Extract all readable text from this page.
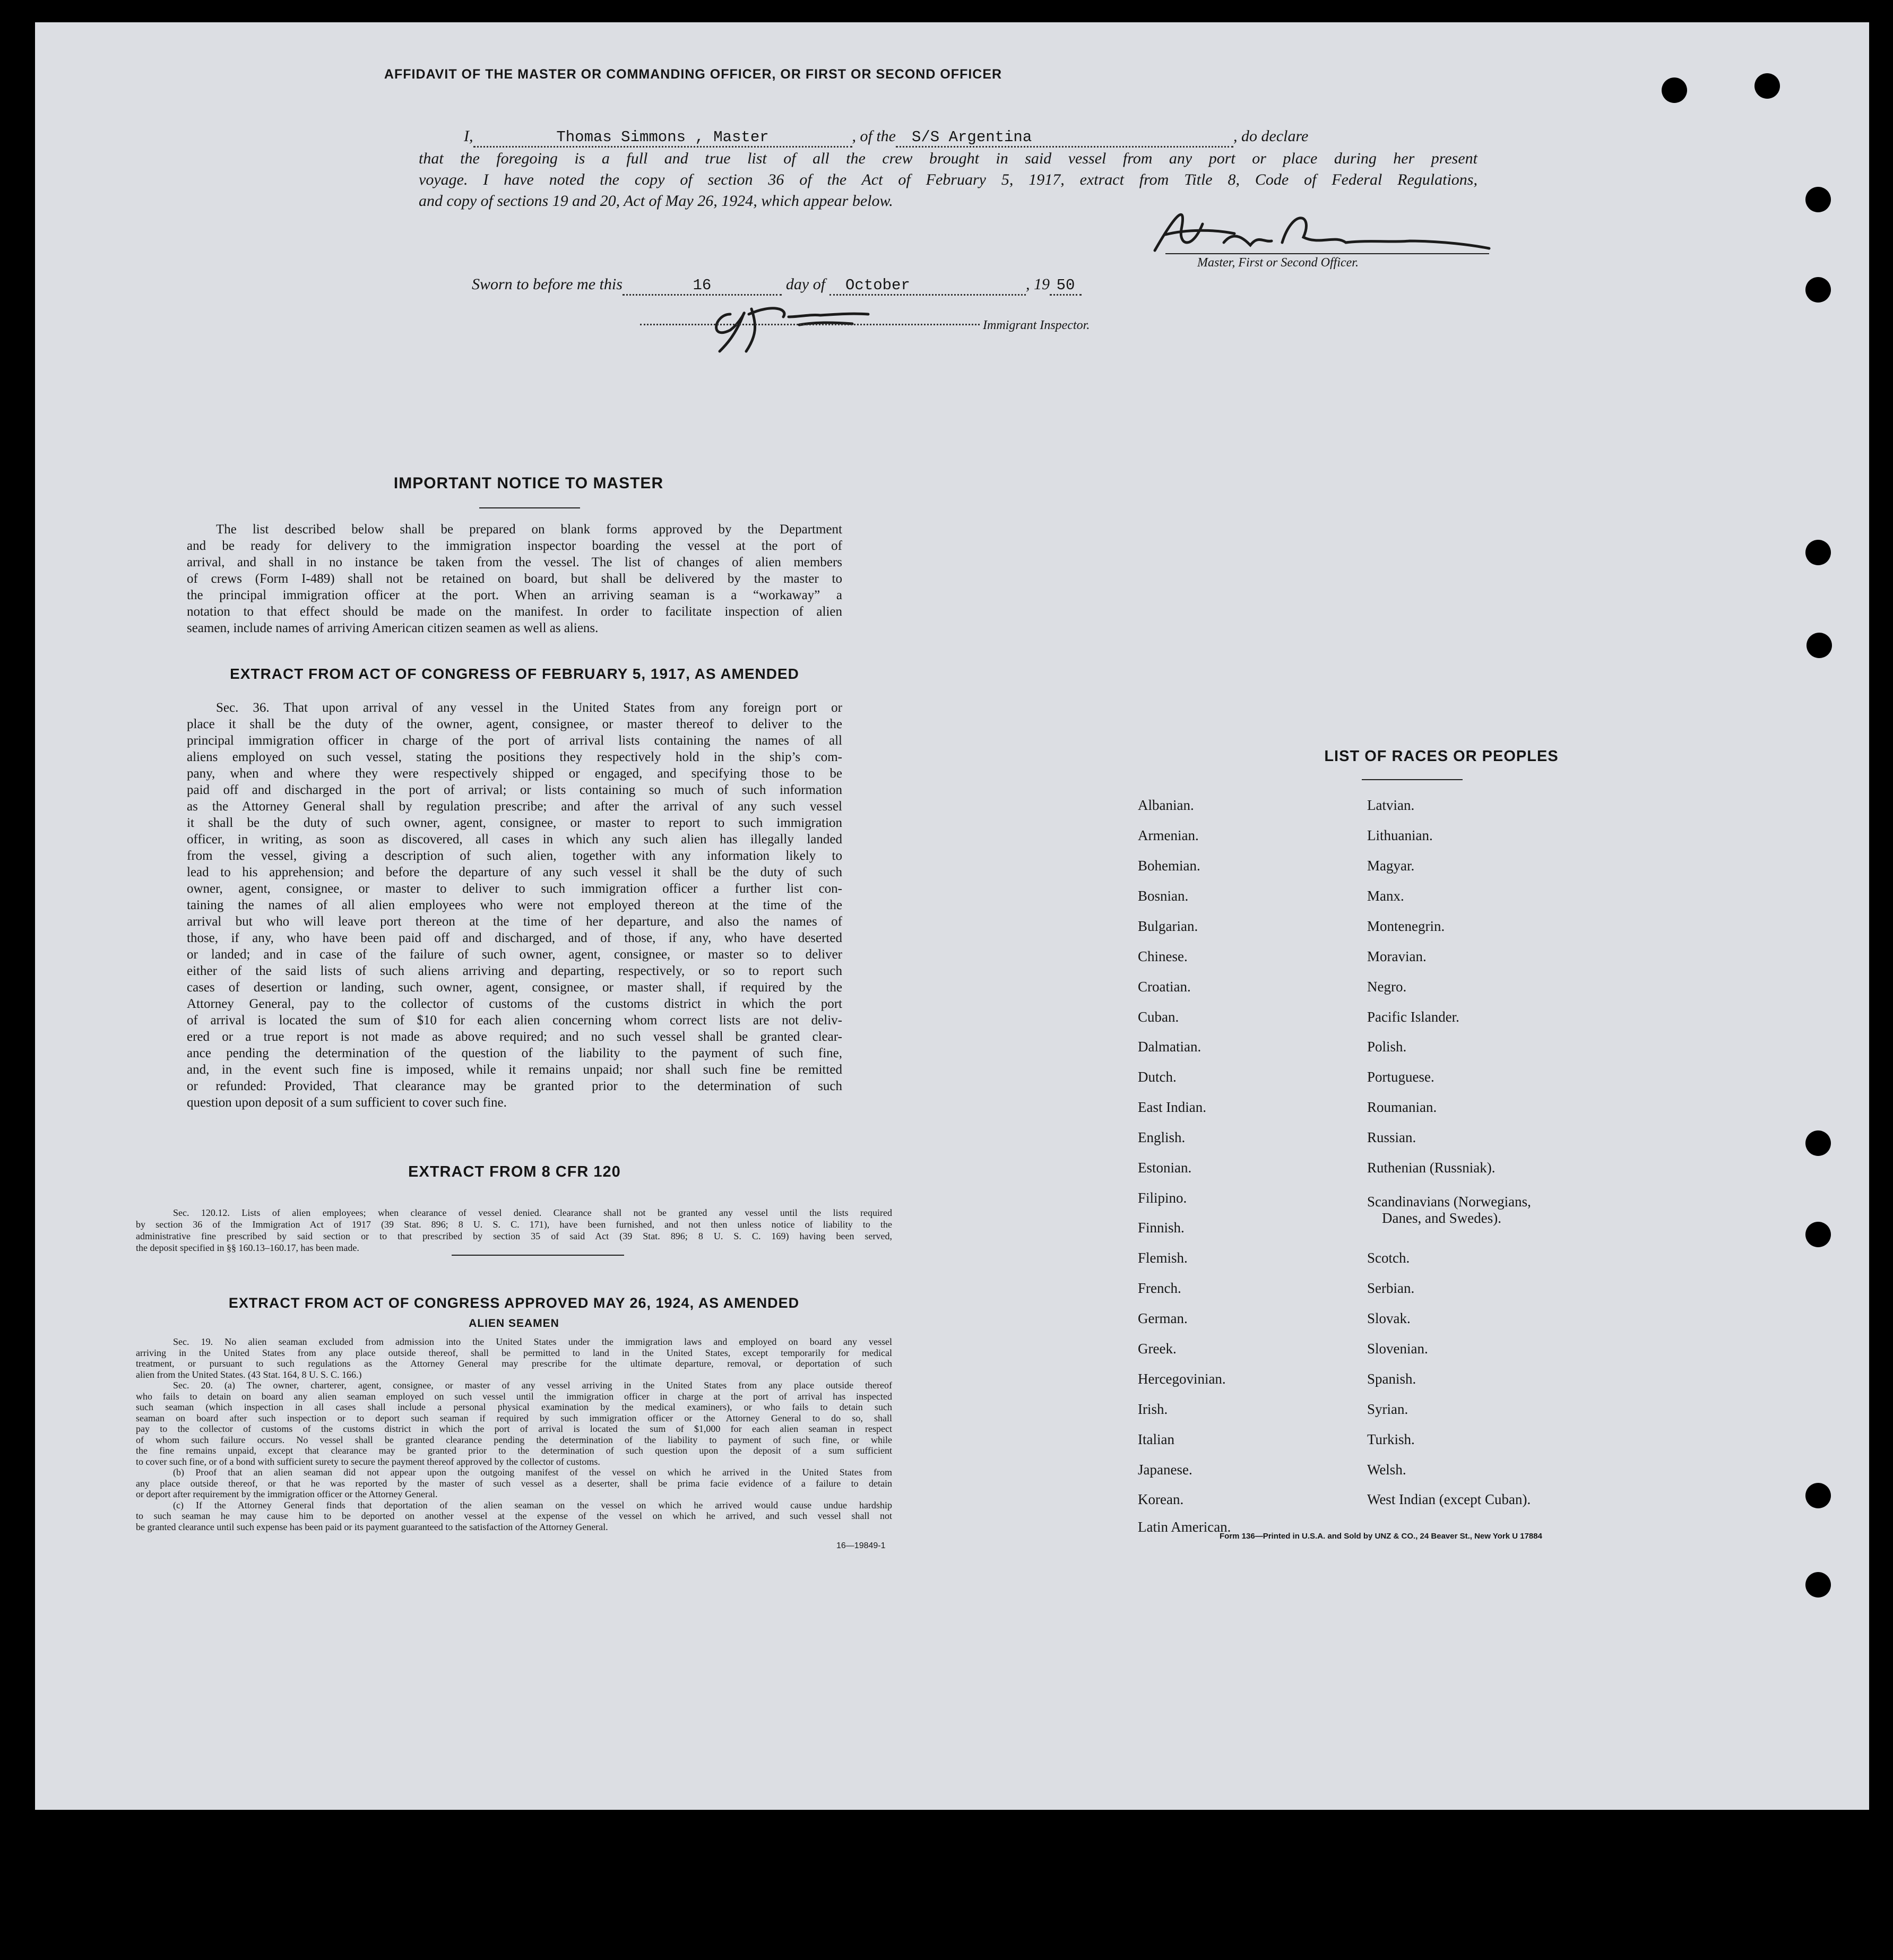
AFFIDAVIT OF THE MASTER OR COMMANDING OFFICER, OR FIRST OR SECOND OFFICER
I,	Thomas Simmons , Master	, of the	S/S Argentina	, do declare
that the foregoing is a full and true list of all the crew brought in said vessel from any port or place during her present
voyage. I have noted the copy of section 36 of the Act of February 5, 1917, extract from Title 8, Code of Federal Regulations,
and copy of sections 19 and 20, Act of May 26, 1924, which appear below.
Master, First or Second Officer.
Sworn to before me this	16	day of	October	, 19 50
Immigrant Inspector.
IMPORTANT NOTICE TO MASTER
The list described below shall be prepared on blank forms approved by the Department
and be ready for delivery to the immigration inspector boarding the vessel at the port of
arrival, and shall in no instance be taken from the vessel. The list of changes of alien members
of crews (Form I-489) shall not be retained on board, but shall be delivered by the master to
the principal immigration officer at the port. When an arriving seaman is a “workaway” a
notation to that effect should be made on the manifest. In order to facilitate inspection of alien
seamen, include names of arriving American citizen seamen as well as aliens.
EXTRACT FROM ACT OF CONGRESS OF FEBRUARY 5, 1917, AS AMENDED
Sec. 36. That upon arrival of any vessel in the United States from any foreign port or
place it shall be the duty of the owner, agent, consignee, or master thereof to deliver to the
principal immigration officer in charge of the port of arrival lists containing the names of all
aliens employed on such vessel, stating the positions they respectively hold in the ship’s com-
pany, when and where they were respectively shipped or engaged, and specifying those to be
paid off and discharged in the port of arrival; or lists containing so much of such information
as the Attorney General shall by regulation prescribe; and after the arrival of any such vessel
it shall be the duty of such owner, agent, consignee, or master to report to such immigration
officer, in writing, as soon as discovered, all cases in which any such alien has illegally landed
from the vessel, giving a description of such alien, together with any information likely to
lead to his apprehension; and before the departure of any such vessel it shall be the duty of such
owner, agent, consignee, or master to deliver to such immigration officer a further list con-
taining the names of all alien employees who were not employed thereon at the time of the
arrival but who will leave port thereon at the time of her departure, and also the names of
those, if any, who have been paid off and discharged, and of those, if any, who have deserted
or landed; and in case of the failure of such owner, agent, consignee, or master so to deliver
either of the said lists of such aliens arriving and departing, respectively, or so to report such
cases of desertion or landing, such owner, agent, consignee, or master shall, if required by the
Attorney General, pay to the collector of customs of the customs district in which the port
of arrival is located the sum of $10 for each alien concerning whom correct lists are not deliv-
ered or a true report is not made as above required; and no such vessel shall be granted clear-
ance pending the determination of the question of the liability to the payment of such fine,
and, in the event such fine is imposed, while it remains unpaid; nor shall such fine be remitted
or refunded: Provided, That clearance may be granted prior to the determination of such
question upon deposit of a sum sufficient to cover such fine.
EXTRACT FROM 8 CFR 120
Sec. 120.12. Lists of alien employees; when clearance of vessel denied. Clearance shall not be granted any vessel until the lists required
by section 36 of the Immigration Act of 1917 (39 Stat. 896; 8 U. S. C. 171), have been furnished, and not then unless notice of liability to the
administrative fine prescribed by said section or to that prescribed by section 35 of said Act (39 Stat. 896; 8 U. S. C. 169) having been served,
the deposit specified in §§ 160.13–160.17, has been made.
EXTRACT FROM ACT OF CONGRESS APPROVED MAY 26, 1924, AS AMENDED
ALIEN SEAMEN
Sec. 19. No alien seaman excluded from admission into the United States under the immigration laws and employed on board any vessel
arriving in the United States from any place outside thereof, shall be permitted to land in the United States, except temporarily for medical
treatment, or pursuant to such regulations as the Attorney General may prescribe for the ultimate departure, removal, or deportation of such
alien from the United States. (43 Stat. 164, 8 U. S. C. 166.)
Sec. 20. (a) The owner, charterer, agent, consignee, or master of any vessel arriving in the United States from any place outside thereof
who fails to detain on board any alien seaman employed on such vessel until the immigration officer in charge at the port of arrival has inspected
such seaman (which inspection in all cases shall include a personal physical examination by the medical examiners), or who fails to detain such
seaman on board after such inspection or to deport such seaman if required by such immigration officer or the Attorney General to do so, shall
pay to the collector of customs of the customs district in which the port of arrival is located the sum of $1,000 for each alien seaman in respect
of whom such failure occurs. No vessel shall be granted clearance pending the determination of the liability to payment of such fine, or while
the fine remains unpaid, except that clearance may be granted prior to the determination of such question upon the deposit of a sum sufficient
to cover such fine, or of a bond with sufficient surety to secure the payment thereof approved by the collector of customs.
(b) Proof that an alien seaman did not appear upon the outgoing manifest of the vessel on which he arrived in the United States from
any place outside thereof, or that he was reported by the master of such vessel as a deserter, shall be prima facie evidence of a failure to detain
or deport after requirement by the immigration officer or the Attorney General.
(c) If the Attorney General finds that deportation of the alien seaman on the vessel on which he arrived would cause undue hardship
to such seaman he may cause him to be deported on another vessel at the expense of the vessel on which he arrived, and such vessel shall not
be granted clearance until such expense has been paid or its payment guaranteed to the satisfaction of the Attorney General.
16—19849-1
LIST OF RACES OR PEOPLES
Albanian.
Armenian.
Bohemian.
Bosnian.
Bulgarian.
Chinese.
Croatian.
Cuban.
Dalmatian.
Dutch.
East Indian.
English.
Estonian.
Filipino.
Finnish.
Flemish.
French.
German.
Greek.
Hercegovinian.
Irish.
Italian
Japanese.
Korean.
Latin American.
Latvian.
Lithuanian.
Magyar.
Manx.
Montenegrin.
Moravian.
Negro.
Pacific Islander.
Polish.
Portuguese.
Roumanian.
Russian.
Ruthenian (Russniak).
Scandinavians (Norwegians,
Danes, and Swedes).
Scotch.
Serbian.
Slovak.
Slovenian.
Spanish.
Syrian.
Turkish.
Welsh.
West Indian (except Cuban).
Form 136—Printed in U.S.A. and Sold by UNZ & CO., 24 Beaver St., New York U 17884
